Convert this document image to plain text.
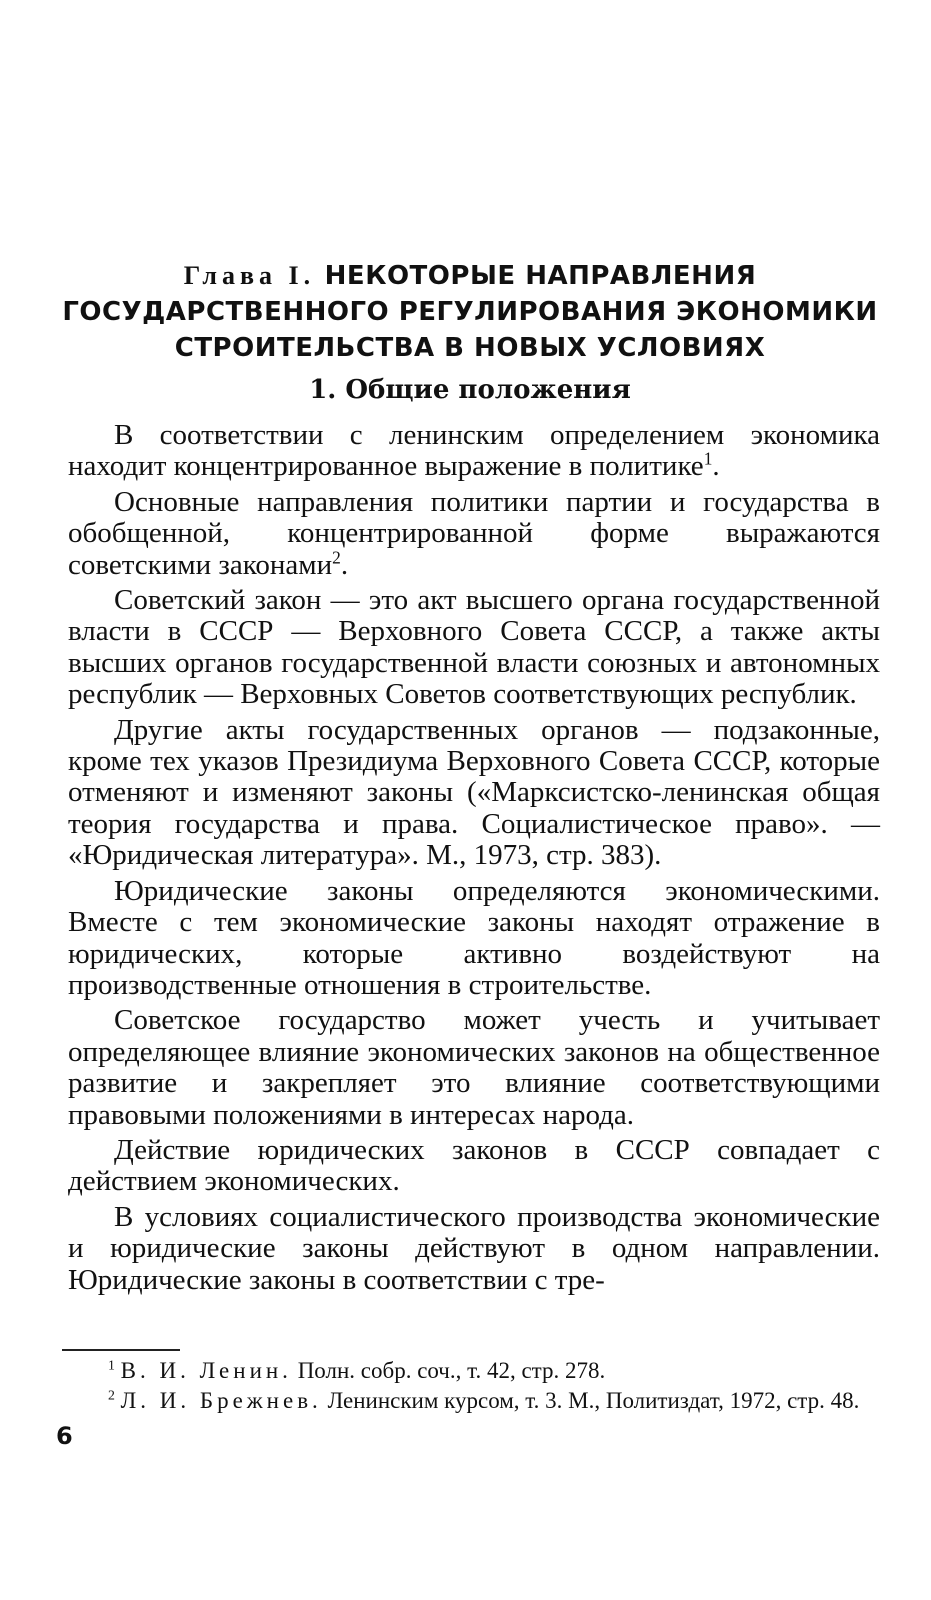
Глава I. НЕКОТОРЫЕ НАПРАВЛЕНИЯ
ГОСУДАРСТВЕННОГО РЕГУЛИРОВАНИЯ ЭКОНОМИКИ
СТРОИТЕЛЬСТВА В НОВЫХ УСЛОВИЯХ
1. Общие положения

В соответствии с ленинским определением экономика находит концентрированное выражение в политике$^1$.

Основные направления политики партии и государства в обобщенной, концентрированной форме выражаются советскими законами$^2$.

Советский закон — это акт высшего органа государственной власти в СССР — Верховного Совета СССР, а также акты высших органов государственной власти союзных и автономных республик — Верховных Советов соответствующих республик.

Другие акты государственных органов — подзаконные, кроме тех указов Президиума Верховного Совета СССР, которые отменяют и изменяют законы («Марксистско-ленинская общая теория государства и права. Социалистическое право». — «Юридическая литература». М., 1973, стр. 383).

Юридические законы определяются экономическими. Вместе с тем экономические законы находят отражение в юридических, которые активно воздействуют на производственные отношения в строительстве.

Советское государство может учесть и учитывает определяющее влияние экономических законов на общественное развитие и закрепляет это влияние соответствующими правовыми положениями в интересах народа.

Действие юридических законов в СССР совпадает с действием экономических.

В условиях социалистического производства экономические и юридические законы действуют в одном направлении. Юридические законы в соответствии с тре-

$^1$ В. И. Ленин. Полн. собр. соч., т. 42, стр. 278.

$^2$ Л. И. Брежнев. Ленинским курсом, т. 3. М., Политиздат, 1972, стр. 48.

6
